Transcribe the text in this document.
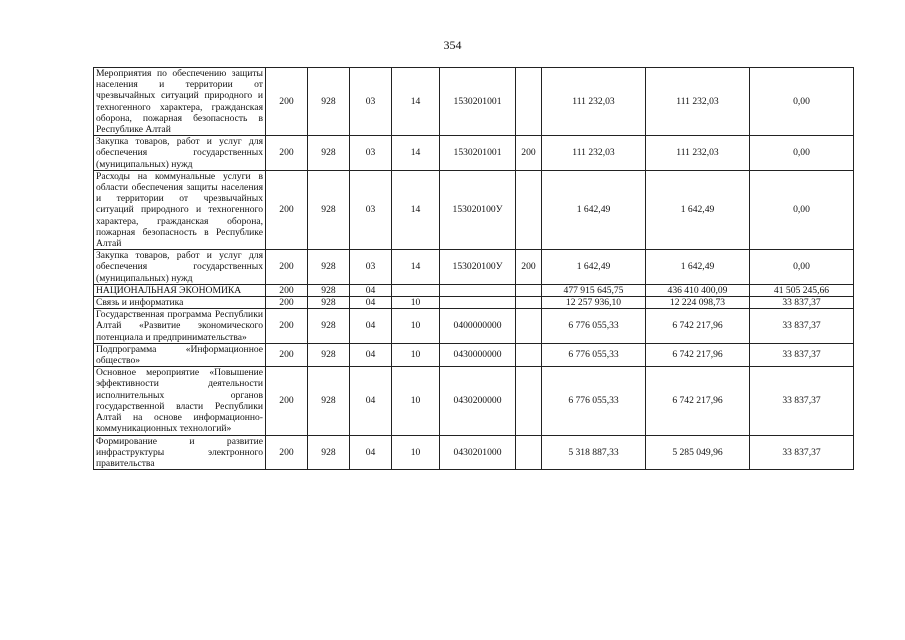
354
Мероприятия по обеспечению защиты населения и территории от чрезвычайных ситуаций природного и техногенного характера, гражданская оборона, пожарная безопасность в Республике Алтай	200	928	03	14	1530201001		111 232,03	111 232,03	0,00
Закупка товаров, работ и услуг для обеспечения государственных (муниципальных) нужд	200	928	03	14	1530201001	200	111 232,03	111 232,03	0,00
Расходы на коммунальные услуги в области обеспечения защиты населения и территории от чрезвычайных ситуаций природного и техногенного характера, гражданская оборона, пожарная безопасность в Республике Алтай	200	928	03	14	153020100У		1 642,49	1 642,49	0,00
Закупка товаров, работ и услуг для обеспечения государственных (муниципальных) нужд	200	928	03	14	153020100У	200	1 642,49	1 642,49	0,00
НАЦИОНАЛЬНАЯ ЭКОНОМИКА	200	928	04				477 915 645,75	436 410 400,09	41 505 245,66
Связь и информатика	200	928	04	10			12 257 936,10	12 224 098,73	33 837,37
Государственная программа Республики Алтай «Развитие экономического потенциала и предпринимательства»	200	928	04	10	0400000000		6 776 055,33	6 742 217,96	33 837,37
Подпрограмма «Информационное общество»	200	928	04	10	0430000000		6 776 055,33	6 742 217,96	33 837,37
Основное мероприятие «Повышение эффективности деятельности исполнительных органов государственной власти Республики Алтай на основе информационно-коммуникационных технологий»	200	928	04	10	0430200000		6 776 055,33	6 742 217,96	33 837,37
Формирование и развитие инфраструктуры электронного правительства	200	928	04	10	0430201000		5 318 887,33	5 285 049,96	33 837,37
